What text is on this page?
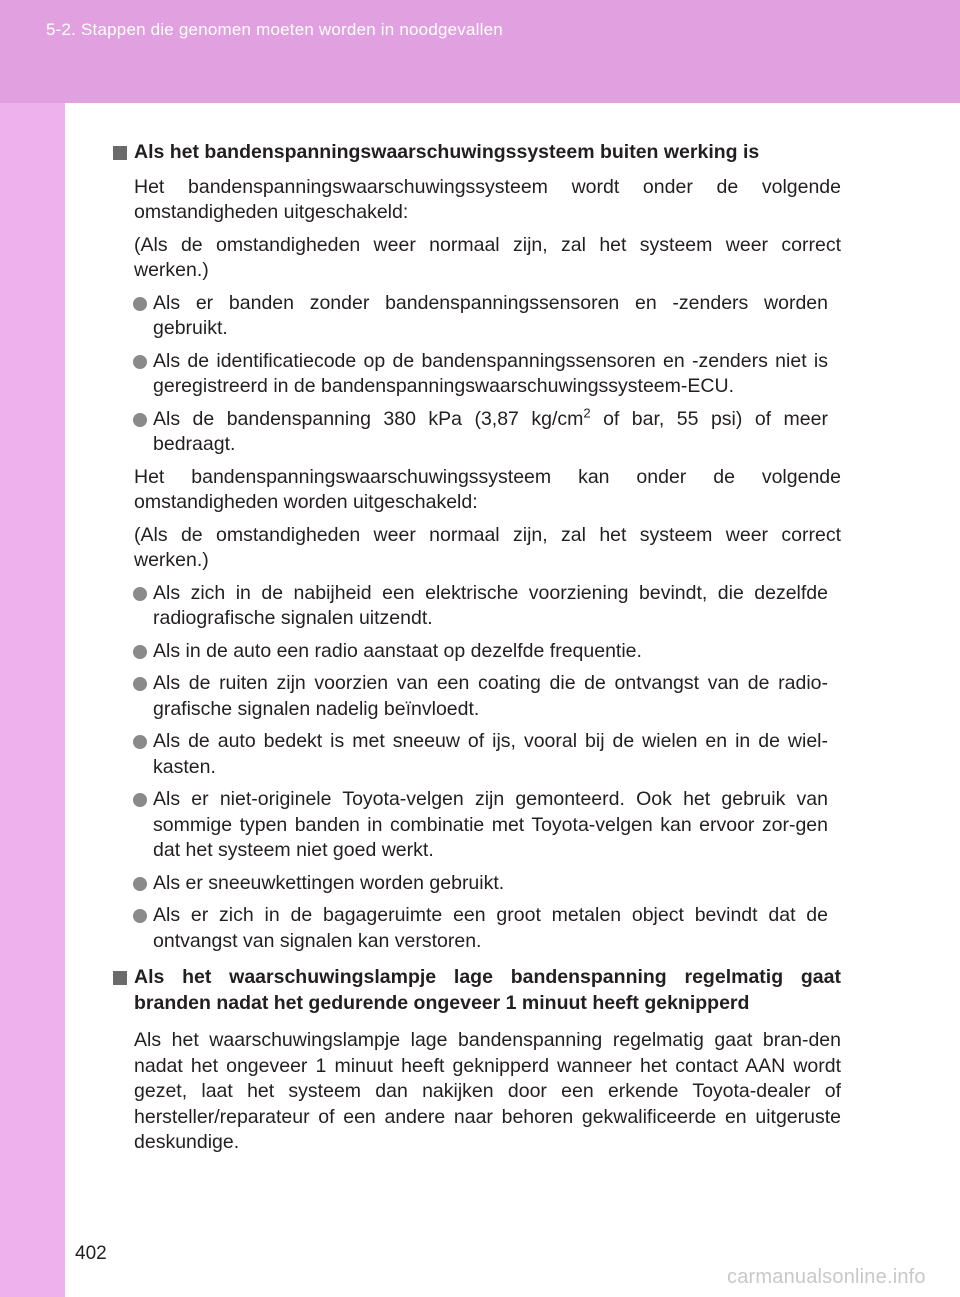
5-2. Stappen die genomen moeten worden in noodgevallen
Als het bandenspanningswaarschuwingssysteem buiten werking is
Het bandenspanningswaarschuwingssysteem wordt onder de volgende omstandigheden uitgeschakeld:
(Als de omstandigheden weer normaal zijn, zal het systeem weer correct werken.)
Als er banden zonder bandenspanningssensoren en -zenders worden gebruikt.
Als de identificatiecode op de bandenspanningssensoren en -zenders niet is geregistreerd in de bandenspanningswaarschuwingssysteem-ECU.
Als de bandenspanning 380 kPa (3,87 $kg/cm^2$ of bar, 55 psi) of meer bedraagt.
Het bandenspanningswaarschuwingssysteem kan onder de volgende omstandigheden worden uitgeschakeld:
(Als de omstandigheden weer normaal zijn, zal het systeem weer correct werken.)
Als zich in de nabijheid een elektrische voorziening bevindt, die dezelfde radiografische signalen uitzendt.
Als in de auto een radio aanstaat op dezelfde frequentie.
Als de ruiten zijn voorzien van een coating die de ontvangst van de radio-grafische signalen nadelig beïnvloedt.
Als de auto bedekt is met sneeuw of ijs, vooral bij de wielen en in de wiel-kasten.
Als er niet-originele Toyota-velgen zijn gemonteerd. Ook het gebruik van sommige typen banden in combinatie met Toyota-velgen kan ervoor zor-gen dat het systeem niet goed werkt.
Als er sneeuwkettingen worden gebruikt.
Als er zich in de bagageruimte een groot metalen object bevindt dat de ontvangst van signalen kan verstoren.
Als het waarschuwingslampje lage bandenspanning regelmatig gaat branden nadat het gedurende ongeveer 1 minuut heeft geknipperd
Als het waarschuwingslampje lage bandenspanning regelmatig gaat bran-den nadat het ongeveer 1 minuut heeft geknipperd wanneer het contact AAN wordt gezet, laat het systeem dan nakijken door een erkende Toyota-dealer of hersteller/reparateur of een andere naar behoren gekwalificeerde en uitgeruste deskundige.
402
carmanualsonline.info
